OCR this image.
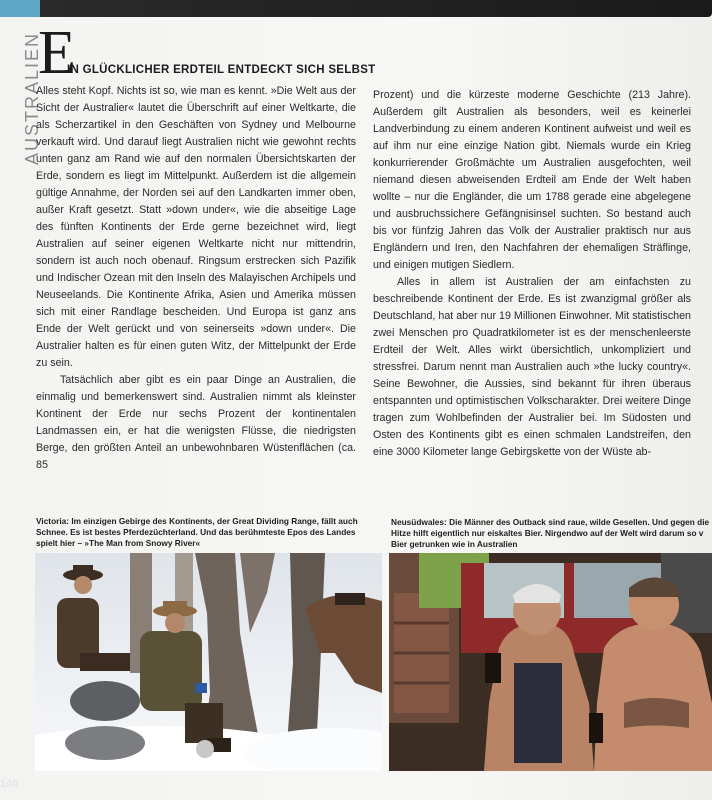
AUSTRALIEN
E
IN GLÜCKLICHER ERDTEIL ENTDECKT SICH SELBST

Alles steht Kopf. Nichts ist so, wie man es kennt. »Die Welt aus der Sicht der Australier« lautet die Überschrift auf einer Weltkarte, die als Scherzartikel in den Geschäften von Sydney und Melbourne verkauft wird. Und darauf liegt Australien nicht wie gewohnt rechts unten ganz am Rand wie auf den normalen Übersichtskarten der Erde, sondern es liegt im Mittelpunkt. Außerdem ist die allgemein gültige Annahme, der Norden sei auf den Landkarten immer oben, außer Kraft gesetzt. Statt »down under«, wie die abseitige Lage des fünften Kontinents der Erde gerne bezeichnet wird, liegt Australien auf seiner eigenen Weltkarte nicht nur mittendrin, sondern ist auch noch obenauf. Ringsum erstrecken sich Pazifik und Indischer Ozean mit den Inseln des Malayischen Archipels und Neuseelands. Die Kontinente Afrika, Asien und Amerika müssen sich mit einer Randlage bescheiden. Und Europa ist ganz ans Ende der Welt gerückt und von seinerseits »down under«. Die Australier halten es für einen guten Witz, der Mittelpunkt der Erde zu sein.

Tatsächlich aber gibt es ein paar Dinge an Australien, die einmalig und bemerkenswert sind. Australien nimmt als kleinster Kontinent der Erde nur sechs Prozent der kontinentalen Landmassen ein, er hat die wenigsten Flüsse, die niedrigsten Berge, den größten Anteil an unbewohnbaren Wüstenflächen (ca. 85

Prozent) und die kürzeste moderne Geschichte (213 Jahre). Außerdem gilt Australien als besonders, weil es keinerlei Landverbindung zu einem anderen Kontinent aufweist und weil es auf ihm nur eine einzige Nation gibt. Niemals wurde ein Krieg konkurrierender Großmächte um Australien ausgefochten, weil niemand diesen abweisenden Erdteil am Ende der Welt haben wollte – nur die Engländer, die um 1788 gerade eine abgelegene und ausbruchssichere Gefängnisinsel suchten. So bestand auch bis vor fünfzig Jahren das Volk der Australier praktisch nur aus Engländern und Iren, den Nachfahren der ehemaligen Sträflinge, und einigen mutigen Siedlern.

Alles in allem ist Australien der am einfachsten zu beschreibende Kontinent der Erde. Es ist zwanzigmal größer als Deutschland, hat aber nur 19 Millionen Einwohner. Mit statistischen zwei Menschen pro Quadratkilometer ist es der menschenleerste Erdteil der Welt. Alles wirkt übersichtlich, unkompliziert und stressfrei. Darum nennt man Australien auch »the lucky country«. Seine Bewohner, die Aussies, sind bekannt für ihren überaus entspannten und optimistischen Volkscharakter. Drei weitere Dinge tragen zum Wohlbefinden der Australier bei. Im Südosten und Osten des Kontinents gibt es einen schmalen Landstreifen, den eine 3000 Kilometer lange Gebirgskette von der Wüste ab-

Victoria: Im einzigen Gebirge des Kontinents, der Great Dividing Range, fällt auch Schnee. Es ist bestes Pferdezüchterland. Und das berühmteste Epos des Landes spielt hier – »The Man from Snowy River«
Neusüdwales: Die Männer des Outback sind raue, wilde Gesellen. Und gegen die
Hitze hilft eigentlich nur eiskaltes Bier. Nirgendwo auf der Welt wird darum so v
Bier getrunken wie in Australien
140
